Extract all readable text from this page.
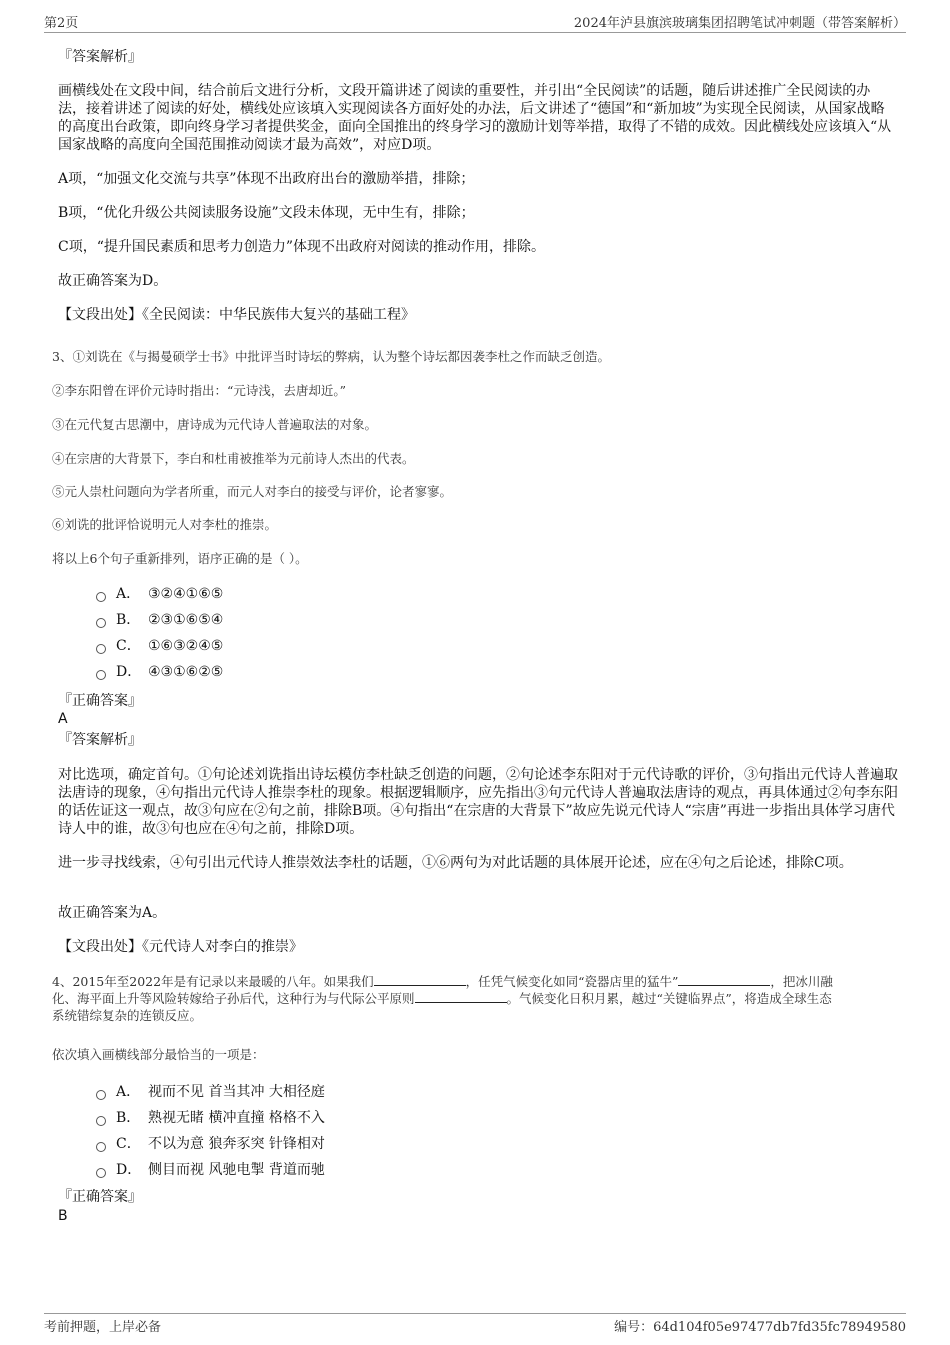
第2页	2024年泸县旗滨玻璃集团招聘笔试冲刺题（带答案解析）
『答案解析』
画横线处在文段中间，结合前后文进行分析，文段开篇讲述了阅读的重要性，并引出“全民阅读”的话题，随后讲述推广全民阅读的办法，接着讲述了阅读的好处，横线处应该填入实现阅读各方面好处的办法，后文讲述了“德国”和“新加坡”为实现全民阅读，从国家战略的高度出台政策，即向终身学习者提供奖金，面向全国推出的终身学习的激励计划等举措，取得了不错的成效。因此横线处应该填入“从国家战略的高度向全国范围推动阅读才最为高效”，对应D项。
A项，“加强文化交流与共享”体现不出政府出台的激励举措，排除；
B项，“优化升级公共阅读服务设施”文段未体现，无中生有，排除；
C项，“提升国民素质和思考力创造力”体现不出政府对阅读的推动作用，排除。
故正确答案为D。
【文段出处】《全民阅读：中华民族伟大复兴的基础工程》
3、①刘诜在《与揭曼硕学士书》中批评当时诗坛的弊病，认为整个诗坛都因袭李杜之作而缺乏创造。
②李东阳曾在评价元诗时指出：“元诗浅，去唐却近。”
③在元代复古思潮中，唐诗成为元代诗人普遍取法的对象。
④在宗唐的大背景下，李白和杜甫被推举为元前诗人杰出的代表。
⑤元人崇杜问题向为学者所重，而元人对李白的接受与评价，论者寥寥。
⑥刘诜的批评恰说明元人对李杜的推崇。
将以上6个句子重新排列，语序正确的是（ ）。
A． ③②④①⑥⑤
B． ②③①⑥⑤④
C． ①⑥③②④⑤
D． ④③①⑥②⑤
『正确答案』
A
『答案解析』
对比选项，确定首句。①句论述刘诜指出诗坛模仿李杜缺乏创造的问题，②句论述李东阳对于元代诗歌的评价，③句指出元代诗人普遍取法唐诗的现象，④句指出元代诗人推崇李杜的现象。根据逻辑顺序，应先指出③句元代诗人普遍取法唐诗的观点，再具体通过②句李东阳的话佐证这一观点，故③句应在②句之前，排除B项。④句指出“在宗唐的大背景下”故应先说元代诗人“宗唐”再进一步指出具体学习唐代诗人中的谁，故③句也应在④句之前，排除D项。
进一步寻找线索，④句引出元代诗人推崇效法李杜的话题，①⑥两句为对此话题的具体展开论述，应在④句之后论述，排除C项。
故正确答案为A。
【文段出处】《元代诗人对李白的推崇》
4、2015年至2022年是有记录以来最暖的八年。如果我们	，任凭气候变化如同“瓷器店里的猛牛”	，把冰川融
化、海平面上升等风险转嫁给子孙后代，这种行为与代际公平原则	。气候变化日积月累，越过“关键临界点”，将造成全球生态
系统错综复杂的连锁反应。
依次填入画横线部分最恰当的一项是：
A． 视而不见 首当其冲 大相径庭
B． 熟视无睹 横冲直撞 格格不入
C． 不以为意 狼奔豕突 针锋相对
D． 侧目而视 风驰电掣 背道而驰
『正确答案』
B
考前押题，上岸必备	编号：64d104f05e97477db7fd35fc78949580
